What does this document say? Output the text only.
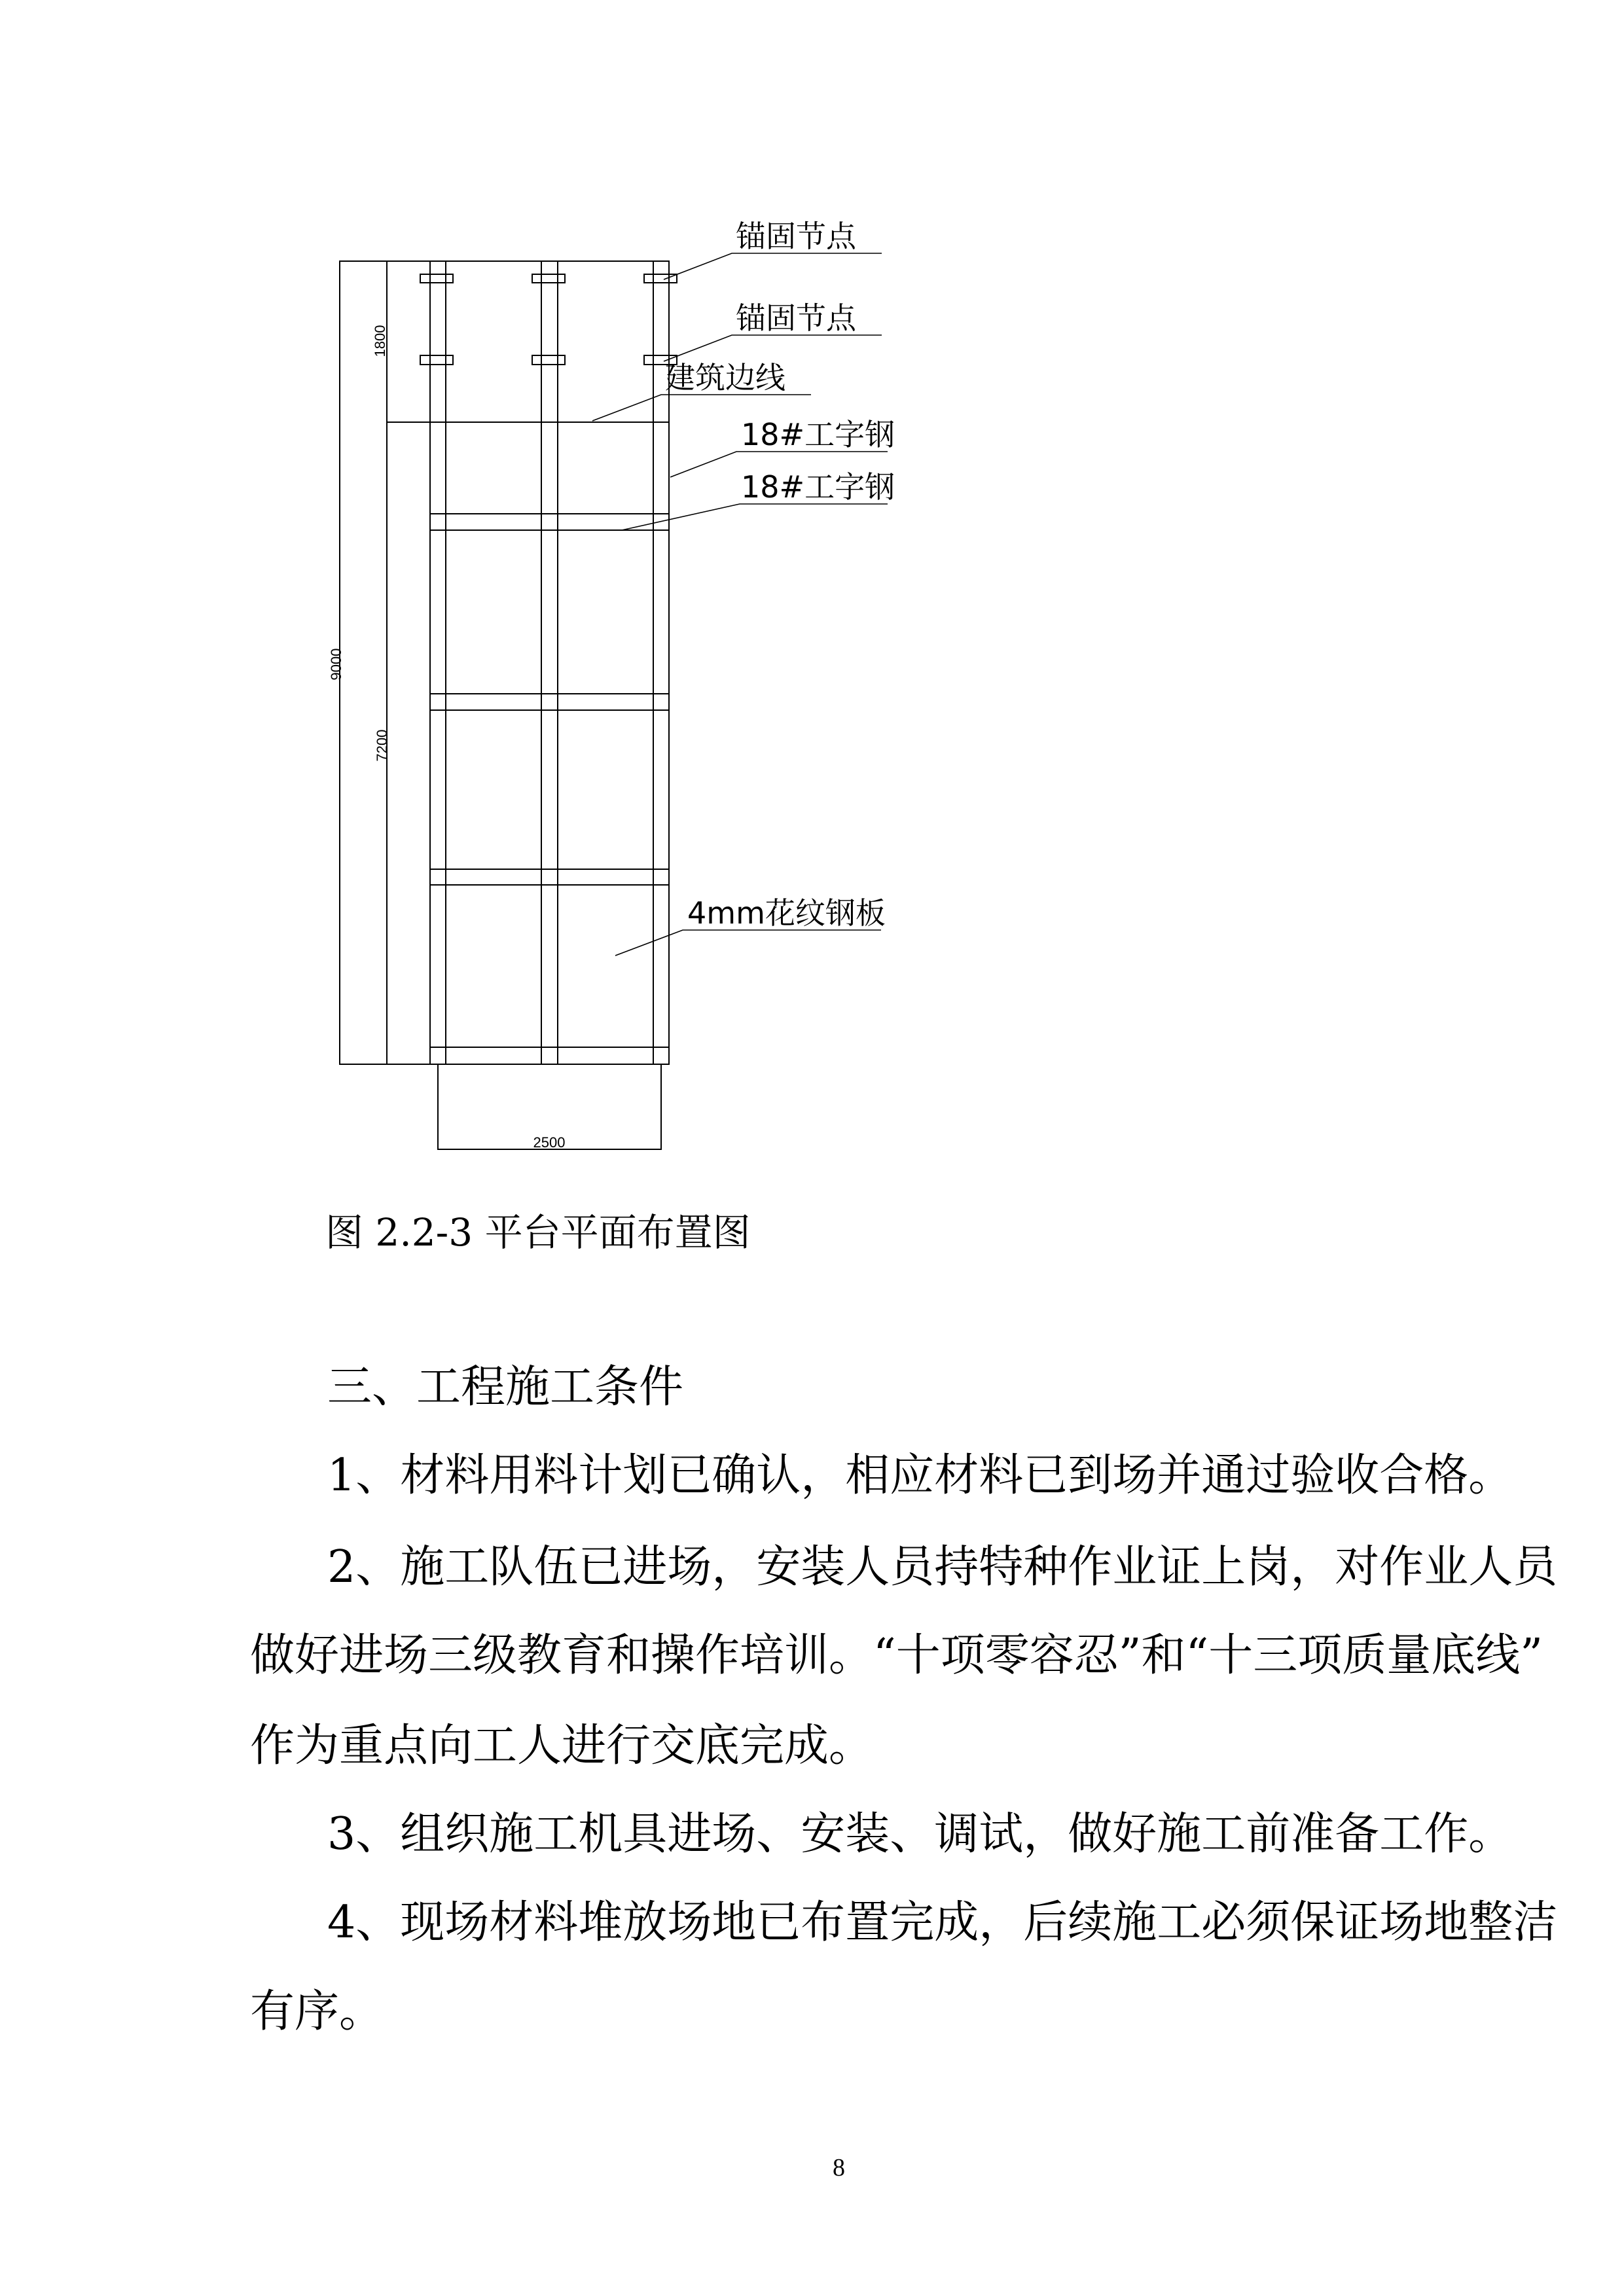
锚固节点
锚固节点
建筑边线
18#工字钢
18#工字钢
4mm花纹钢板
1800
9000
7200
2500
图 2.2-3 平台平面布置图
三、工程施工条件
1、材料用料计划已确认，相应材料已到场并通过验收合格。
2、施工队伍已进场，安装人员持特种作业证上岗，对作业人员
做好进场三级教育和操作培训。“十项零容忍”和“十三项质量底线”
作为重点向工人进行交底完成。
3、组织施工机具进场、安装、调试，做好施工前准备工作。
4、现场材料堆放场地已布置完成，后续施工必须保证场地整洁
有序。
8
